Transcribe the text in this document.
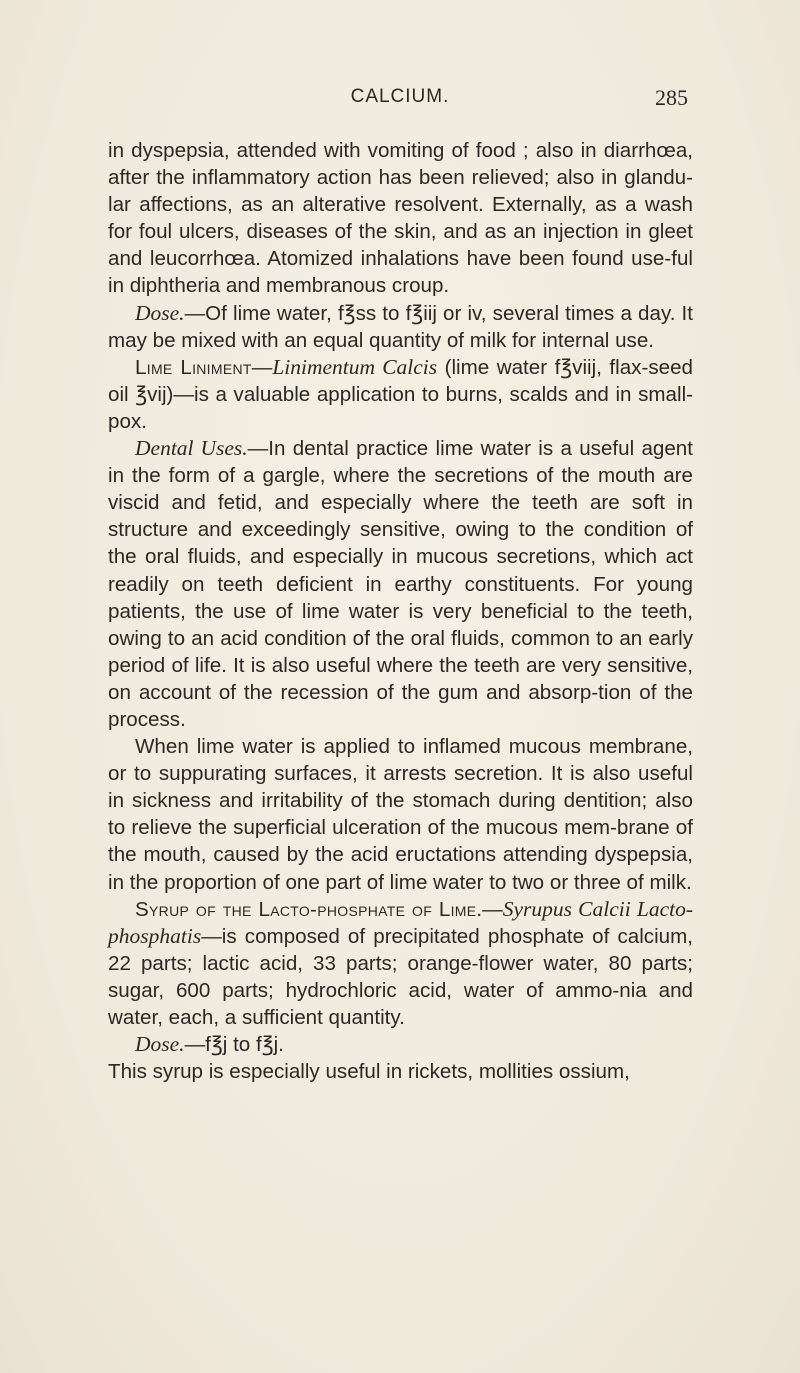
CALCIUM.	285

in dyspepsia, attended with vomiting of food ; also in diarrhœa, after the inflammatory action has been relieved; also in glandu-lar affections, as an alterative resolvent. Externally, as a wash for foul ulcers, diseases of the skin, and as an injection in gleet and leucorrhœa. Atomized inhalations have been found use-ful in diphtheria and membranous croup.

Dose.—Of lime water, f℥ss to f℥iij or iv, several times a day. It may be mixed with an equal quantity of milk for internal use.

Lime Liniment—Linimentum Calcis (lime water f℥viij, flax-seed oil ℥vij)—is a valuable application to burns, scalds and in small-pox.

Dental Uses.—In dental practice lime water is a useful agent in the form of a gargle, where the secretions of the mouth are viscid and fetid, and especially where the teeth are soft in structure and exceedingly sensitive, owing to the condition of the oral fluids, and especially in mucous secretions, which act readily on teeth deficient in earthy constituents. For young patients, the use of lime water is very beneficial to the teeth, owing to an acid condition of the oral fluids, common to an early period of life. It is also useful where the teeth are very sensitive, on account of the recession of the gum and absorp-tion of the process.

When lime water is applied to inflamed mucous membrane, or to suppurating surfaces, it arrests secretion. It is also useful in sickness and irritability of the stomach during dentition; also to relieve the superficial ulceration of the mucous mem-brane of the mouth, caused by the acid eructations attending dyspepsia, in the proportion of one part of lime water to two or three of milk.

Syrup of the Lacto-phosphate of Lime.—Syrupus Calcii Lacto-phosphatis—is composed of precipitated phosphate of calcium, 22 parts; lactic acid, 33 parts; orange-flower water, 80 parts; sugar, 600 parts; hydrochloric acid, water of ammo-nia and water, each, a sufficient quantity.

Dose.—f℥j to f℥j.

This syrup is especially useful in rickets, mollities ossium,
